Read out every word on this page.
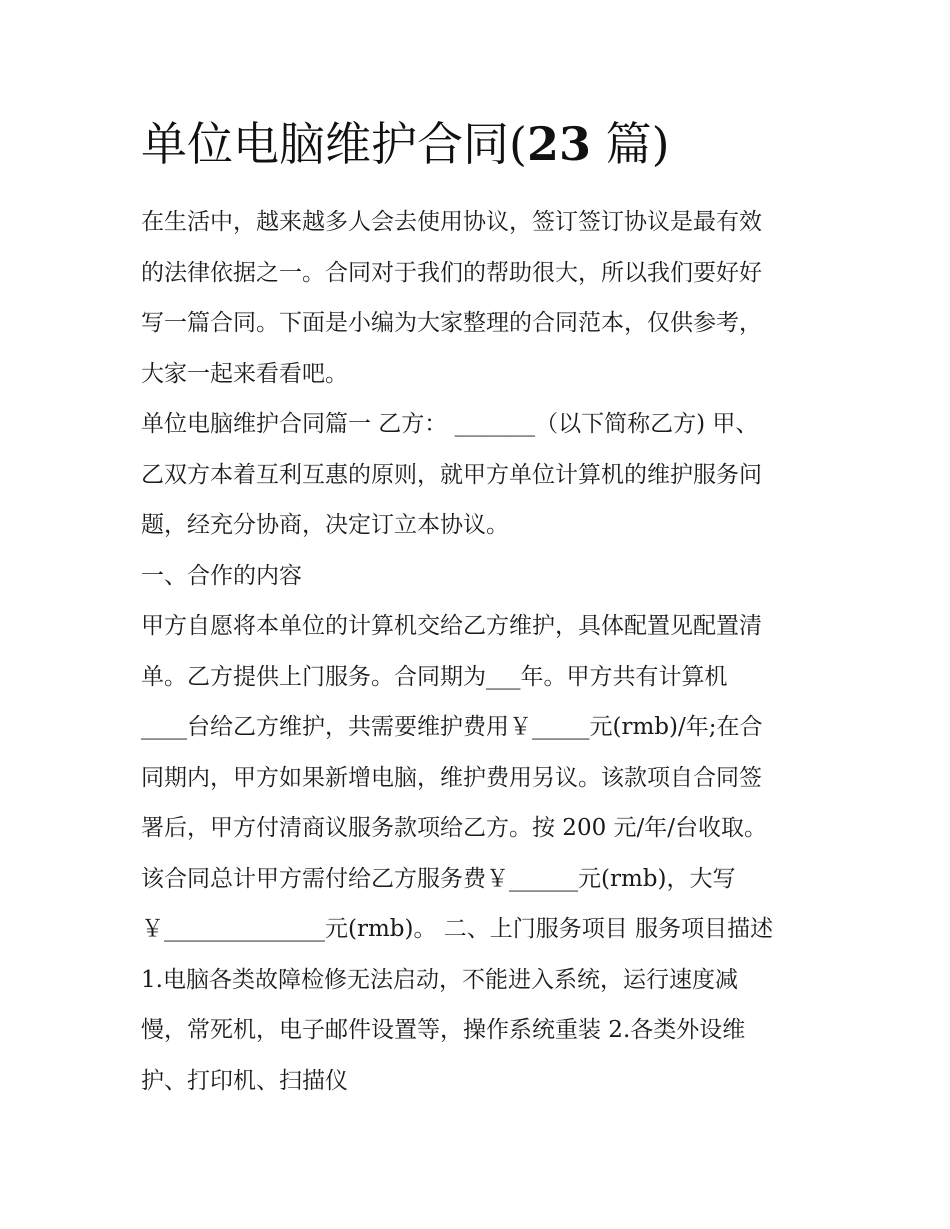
单位电脑维护合同(23 篇)
在生活中，越来越多人会去使用协议，签订签订协议是最有效
的法律依据之一。合同对于我们的帮助很大，所以我们要好好
写一篇合同。下面是小编为大家整理的合同范本，仅供参考，
大家一起来看看吧。
单位电脑维护合同篇一 乙方： _______（以下简称乙方) 甲、
乙双方本着互利互惠的原则，就甲方单位计算机的维护服务问
题，经充分协商，决定订立本协议。
一、合作的内容
甲方自愿将本单位的计算机交给乙方维护，具体配置见配置清
单。乙方提供上门服务。合同期为___年。甲方共有计算机
____台给乙方维护，共需要维护费用￥_____元(rmb)/年;在合
同期内，甲方如果新增电脑，维护费用另议。该款项自合同签
署后，甲方付清商议服务款项给乙方。按 200 元/年/台收取。
该合同总计甲方需付给乙方服务费￥______元(rmb)，大写
￥______________元(rmb)。 二、上门服务项目 服务项目描述
1.电脑各类故障检修无法启动，不能进入系统，运行速度减
慢，常死机，电子邮件设置等，操作系统重装 2.各类外设维
护、打印机、扫描仪
